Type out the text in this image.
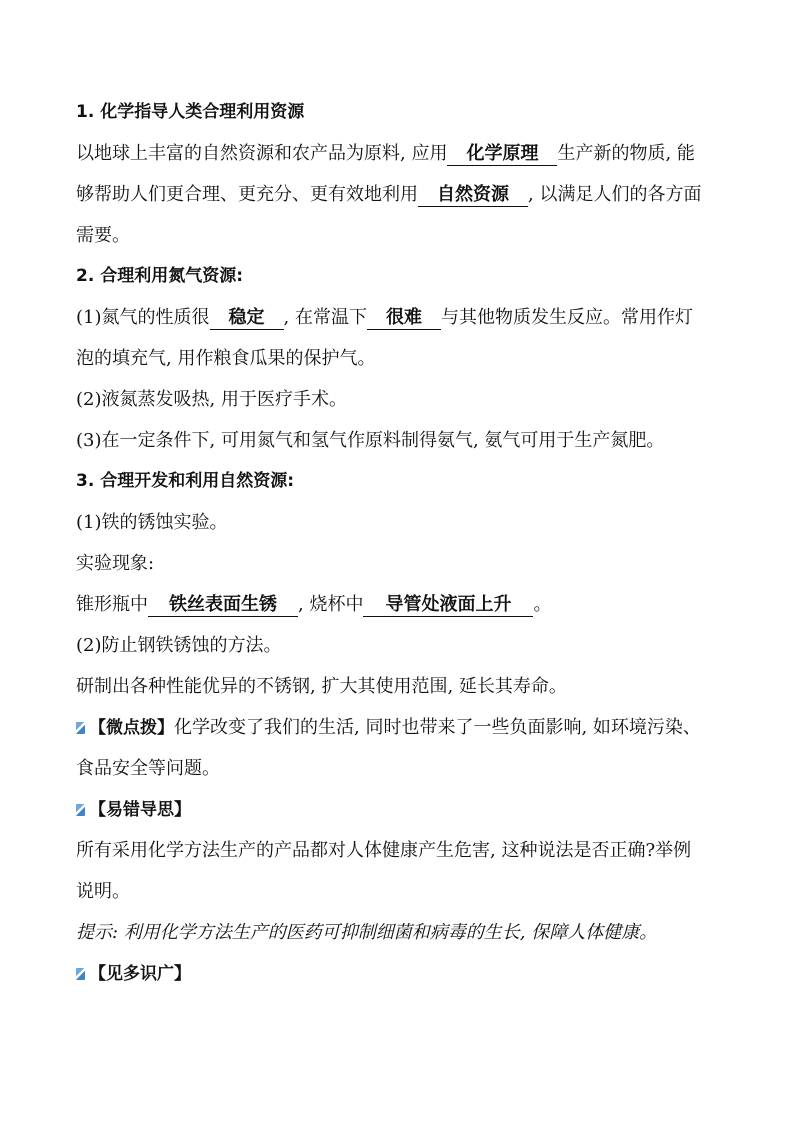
1. 化学指导人类合理利用资源
以地球上丰富的自然资源和农产品为原料, 应用 化学原理 生产新的物质, 能
够帮助人们更合理、更充分、更有效地利用 自然资源 , 以满足人们的各方面
需要。
2. 合理利用氮气资源:
(1)氮气的性质很 稳定 , 在常温下 很难 与其他物质发生反应。常用作灯
泡的填充气, 用作粮食瓜果的保护气。
(2)液氮蒸发吸热, 用于医疗手术。
(3)在一定条件下, 可用氮气和氢气作原料制得氨气, 氨气可用于生产氮肥。
3. 合理开发和利用自然资源:
(1)铁的锈蚀实验。
实验现象:
锥形瓶中 铁丝表面生锈 , 烧杯中 导管处液面上升 。
(2)防止钢铁锈蚀的方法。
研制出各种性能优异的不锈钢, 扩大其使用范围, 延长其寿命。
【微点拨】化学改变了我们的生活, 同时也带来了一些负面影响, 如环境污染、
食品安全等问题。
【易错导思】
所有采用化学方法生产的产品都对人体健康产生危害, 这种说法是否正确?举例
说明。
提示: 利用化学方法生产的医药可抑制细菌和病毒的生长, 保障人体健康。
【见多识广】
